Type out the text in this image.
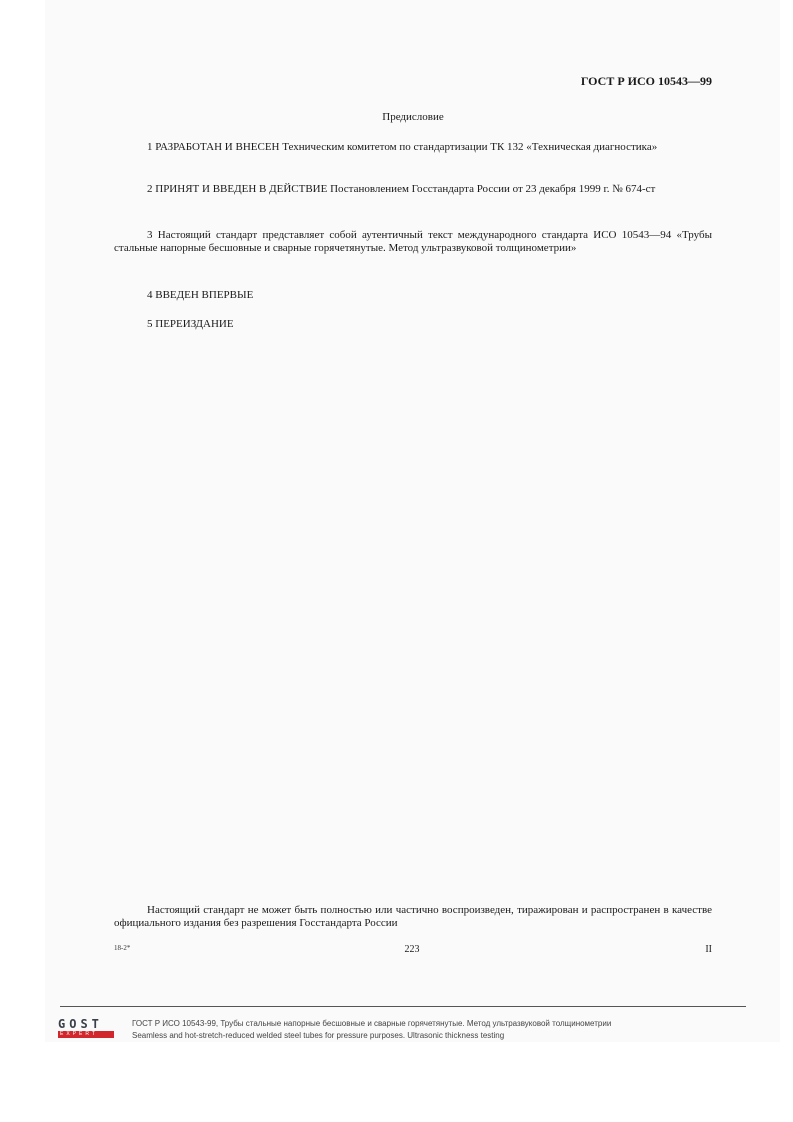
ГОСТ Р ИСО 10543—99
Предисловие
1 РАЗРАБОТАН И ВНЕСЕН Техническим комитетом по стандартизации ТК 132 «Техническая диагностика»
2 ПРИНЯТ И ВВЕДЕН В ДЕЙСТВИЕ Постановлением Госстандарта России от 23 декабря 1999 г. № 674-ст
3 Настоящий стандарт представляет собой аутентичный текст международного стандарта ИСО 10543—94 «Трубы стальные напорные бесшовные и сварные горячетянутые. Метод ультразвуковой толщинометрии»
4 ВВЕДЕН ВПЕРВЫЕ
5 ПЕРЕИЗДАНИЕ
Настоящий стандарт не может быть полностью или частично воспроизведен, тиражирован и распространен в качестве официального издания без разрешения Госстандарта России
18-2*	223	II
GOST
EXPERT
ГОСТ Р ИСО 10543-99, Трубы стальные напорные бесшовные и сварные горячетянутые. Метод ультразвуковой толщинометрии
Seamless and hot-stretch-reduced welded steel tubes for pressure purposes. Ultrasonic thickness testing
